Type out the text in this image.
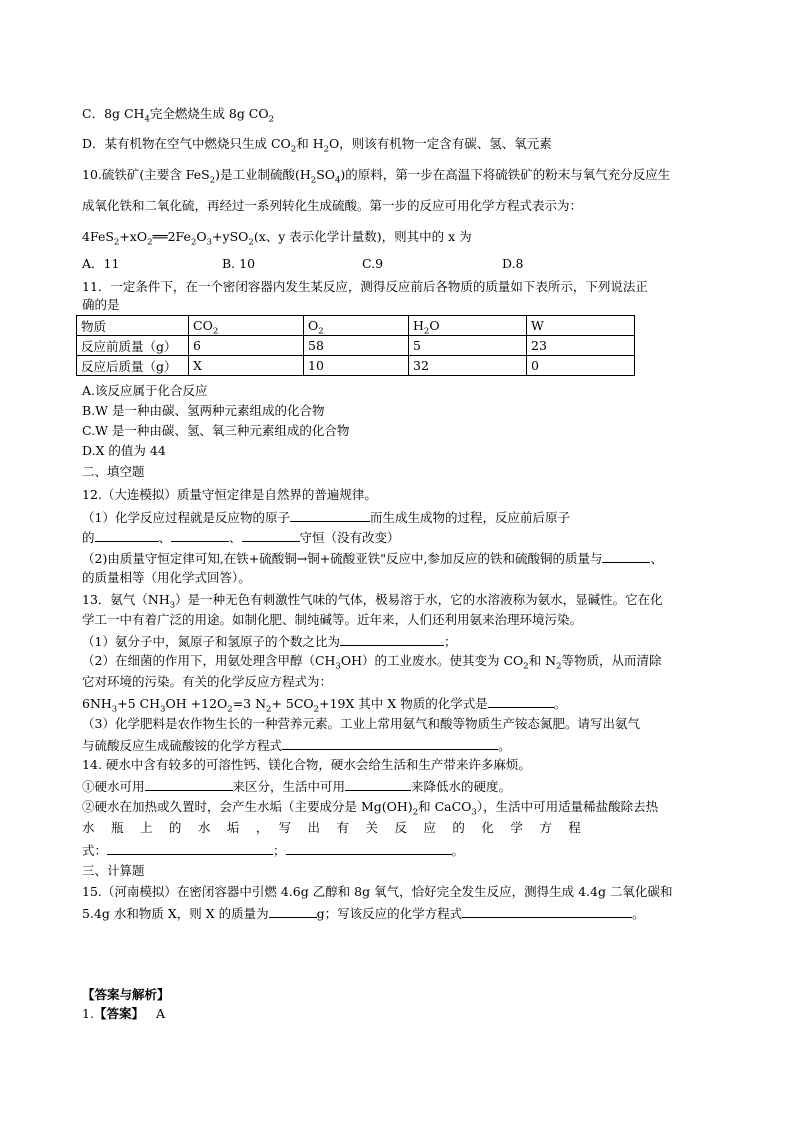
C．8g $CH_4$完全燃烧生成 8g $CO_2$
D．某有机物在空气中燃烧只生成 $CO_2$和 $H_2O$，则该有机物一定含有碳、氢、氧元素
10.硫铁矿(主要含 FeS$_2$)是工业制硫酸$(H_2SO_4)$的原料，第一步在高温下将硫铁矿的粉末与氧气充分反应生
成氧化铁和二氧化硫，再经过一系列转化生成硫酸。第一步的反应可用化学方程式表示为：
$4FeS_2+xO_2══2Fe_2O_3+ySO_2(x$、y 表示化学计量数)，则其中的 x 为
A．11	B. 10	C.9	D.8
11．一定条件下，在一个密闭容器内发生某反应，测得反应前后各物质的质量如下表所示，下列说法正
确的是
物质	$CO_2$	$O_2$	$H_2O$	W
反应前质量（g）	6	58	5	23
反应后质量（g）	X	10	32	0
A.该反应属于化合反应
B.W 是一种由碳、氢两种元素组成的化合物
C.W 是一种由碳、氢、氧三种元素组成的化合物
D.X 的值为 44
二、填空题
12.（大连模拟）质量守恒定律是自然界的普遍规律。
（1）化学反应过程就是反应物的原子	而生成生成物的过程，反应前后原子
的	、	、	守恒（没有改变）
（2)由质量守恒定律可知,在铁+硫酸铜→铜+硫酸亚铁"反应中,参加反应的铁和硫酸铜的质量与	、
的质量相等（用化学式回答）。
13．氨气$(NH_3)$是一种无色有刺激性气味的气体，极易溶于水，它的水溶液称为氨水，显碱性。它在化
学工一中有着广泛的用途。如制化肥、制纯碱等。近年来，人们还利用氨来治理环境污染。
（1）氨分子中，氮原子和氢原子的个数之比为	；
（2）在细菌的作用下，用氨处理含甲醇$(CH_3OH)$的工业废水。使其变为 $CO_2$和 $N_2$等物质，从而清除
它对环境的污染。有关的化学反应方程式为：
$6NH_3+5$ $CH_3OH +12O_2=3$ $N_2+ 5CO_2+19X$ 其中 X 物质的化学式是	。
（3）化学肥料是农作物生长的一种营养元素。工业上常用氨气和酸等物质生产铵态氮肥。请写出氨气
与硫酸反应生成硫酸铵的化学方程式	。
14. 硬水中含有较多的可溶性钙、镁化合物，硬水会给生活和生产带来许多麻烦。
①硬水可用	来区分，生活中可用	来降低水的硬度。
②硬水在加热或久置时，会产生水垢（主要成分是 $Mg(OH)_2$和 CaCO$_3$），生活中可用适量稀盐酸除去热
水　 瓶　 上　 的　 水　 垢　 ，　 写　 出　 有　 关　 反　 应　 的　 化　 学　 方　 程
式：	；	。
三、计算题
15.（河南模拟）在密闭容器中引燃 4.6g 乙醇和 8g 氧气，恰好完全发生反应，测得生成 4.4g 二氧化碳和
5.4g 水和物质 X，则 X 的质量为	g；写该反应的化学方程式	。
【答案与解析】
1.【答案】 A
